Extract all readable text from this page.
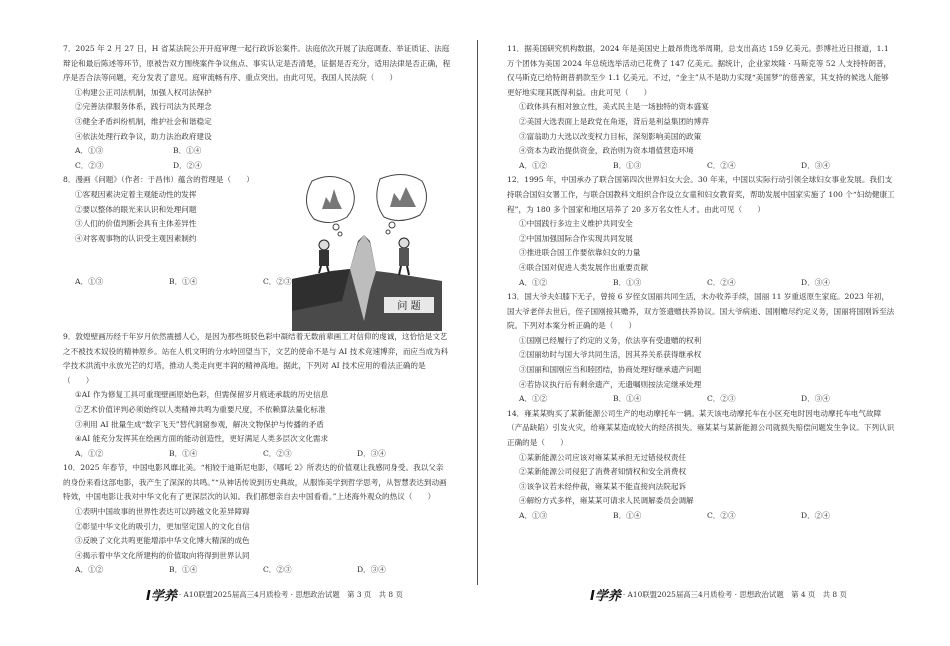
7．2025 年 2 月 27 日，H 省某法院公开开庭审理一起行政诉讼案件。法庭依次开展了法庭调查、举证质证、法庭辩论和最后陈述等环节，原被告双方围绕案件争议焦点、事实认定是否清楚，证据是否充分，适用法律是否正确，程序是否合法等问题，充分发表了意见。庭审流畅有序、重点突出。由此可见，我国人民法院（　　）

①构建公正司法机制，加强人权司法保护

②完善法律服务体系，践行司法为民理念

③健全矛盾纠纷机制，维护社会和谐稳定

④依法处理行政争议，助力法治政府建设

A．①③	B．①④
C．②③	D．②④

8．漫画《问题》（作者：于昌伟）蕴含的哲理是（　　）

①客观因素决定着主观能动性的发挥

②要以整体的眼光来认识和处理问题

③人们的价值判断会具有主体差异性

④对客观事物的认识受主观因素制约

问 题
A．①③	B．①④	C．②③

9．敦煌壁画历经千年岁月依然震撼人心，是因为那些斑驳色彩中凝结着无数前辈画工对信仰的虔诚，这恰恰是文艺之不被技术奴役的精神原乡。站在人机文明的分水岭回望当下，文艺的使命不是与 AI 技术竞速博弈，而应当成为科学技术洪流中永放光芒的灯塔，推动人类走向更丰润的精神高地。据此，下列对 AI 技术应用的看法正确的是（　　）

①AI 作为修复工具可重现壁画原始色彩，但需保留岁月痕迹承载的历史信息

②艺术价值评判必须始终以人类精神共鸣为重要尺度，不依赖算法量化标准

③利用 AI 批量生成“数字飞天”替代洞窟参观，解决文物保护与传播的矛盾

④AI 能充分发挥其在绘画方面的能动创造性，更好满足人类多层次文化需求

A．①②	B．①④	C．②③	D．③④

10．2025 年春节，中国电影风靡北美。“相较于迪斯尼电影，《哪吒 2》所表达的价值观让我感同身受。我以父亲的身份来看这部电影，我产生了深深的共鸣。”“从神话传说到历史典故，从服饰美学到哲学思考，从智慧表达到动画特效，中国电影让我对中华文化有了更深层次的认知。我们都想亲自去中国看看。”上述海外观众的热议（　　）

①表明中国故事的世界性表达可以跨越文化差异障碍

②彰显中华文化的吸引力，更加坚定国人的文化自信

③反映了文化共鸣更能增添中华文化博大精深的成色

④揭示着中华文化所建构的价值取向将得到世界认同

A．①②	B．①④	C．②③	D．③④

11．据美国研究机构数据，2024 年是美国史上最昂贵选举周期，总支出高达 159 亿美元。彭博社近日报道，1.1 万个团体为美国 2024 年总统选举活动已花费了 147 亿美元。据统计，企业家埃隆 · 马斯克等 52 人支持特朗普，仅马斯克已给特朗普捐款至少 1.1 亿美元。不过，“金主”从不是助力实现“美国梦”的慈善家，其支持的候选人能够更好地实现其既得利益。由此可见（　　）

①政体具有相对独立性，美式民主是一场独特的资本盛宴

②美国大选表面上是政党在角逐，背后是利益集团的博弈

③富翁助力大选以改变权力目标，深刻影响美国的政策

④资本为政治提供资金，政治则为资本增值营造环境

A．①②	B．①③	C．②④	D．③④

12．1995 年，中国承办了联合国第四次世界妇女大会。30 年来，中国以实际行动引领全球妇女事业发展。我们支持联合国妇女署工作，与联合国教科文组织合作设立女童和妇女教育奖，帮助发展中国家实施了 100 个“妇幼健康工程”，为 180 多个国家和地区培养了 20 多万名女性人才。由此可见（　　）

①中国践行多边主义维护共同安全

②中国加强国际合作实现共同发展

③推进联合国工作要依靠妇女的力量

④联合国对促进人类发展作出重要贡献

A．①②	B．①③	C．②④	D．③④

13．国大爷夫妇膝下无子，曾接 6 岁侄女国丽共同生活，未办收养手续，国丽 11 岁重返原生家庭。2023 年初，国大爷老伴去世后，侄子国刚接其赡养，双方签遗赠扶养协议。国大爷病逝、国刚赡尽约定义务，国丽将国刚诉至法院。下列对本案分析正确的是（　　）

①国刚已经履行了约定的义务，依法享有受遗赠的权利

②国丽幼时与国大爷共同生活，因其养关系获得继承权

③国丽和国刚应当和睦团结，协商处理好继承遗产问题

④若协议执行后有剩余遗产，无遗嘱则按法定继承处理

A．①②	B．①④	C．②③	D．③④

14．雍某某购买了某新能源公司生产的电动摩托车一辆。某天该电动摩托车在小区充电时因电动摩托车电气故障（产品缺陷）引发火灾，给雍某某造成较大的经济损失。雍某某与某新能源公司就损失赔偿问题发生争议。下列认识正确的是（　　）

①某新能源公司应该对雍某某承担无过错侵权责任

②某新能源公司侵犯了消费者知情权和安全消费权

③该争议若未经仲裁，雍某某不能直接向法院起诉

④解纷方式多样，雍某某可请求人民调解委员会调解

A．①③	B．①④	C．②③	D．②④
I学养 · A10联盟2025届高三4月质检考 · 思想政治试题　第 3 页　共 8 页	I学养 · A10联盟2025届高三4月质检考 · 思想政治试题　第 4 页　共 8 页
